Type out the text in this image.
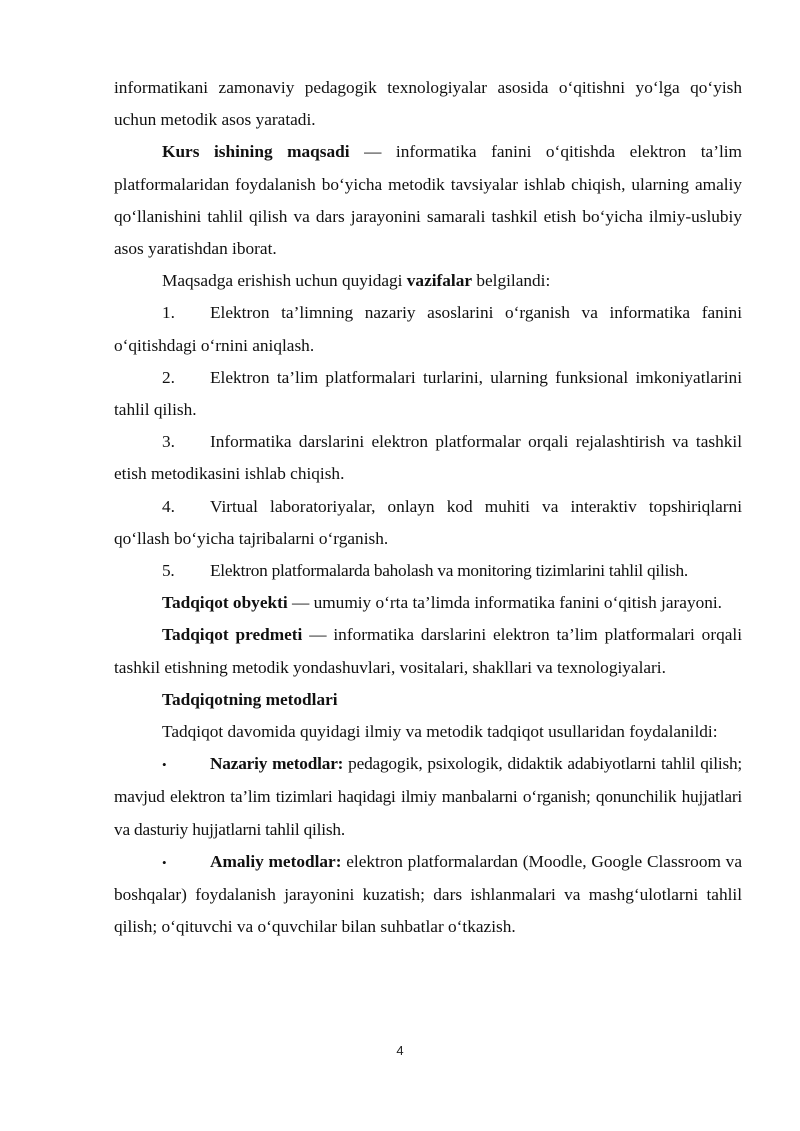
informatikani zamonaviy pedagogik texnologiyalar asosida o‘qitishni yo‘lga qo‘yish uchun metodik asos yaratadi.

Kurs ishining maqsadi — informatika fanini o‘qitishda elektron ta’lim platformalaridan foydalanish bo‘yicha metodik tavsiyalar ishlab chiqish, ularning amaliy qo‘llanishini tahlil qilish va dars jarayonini samarali tashkil etish bo‘yicha ilmiy-uslubiy asos yaratishdan iborat.

Maqsadga erishish uchun quyidagi vazifalar belgilandi:

1. Elektron ta’limning nazariy asoslarini o‘rganish va informatika fanini o‘qitishdagi o‘rnini aniqlash.

2. Elektron ta’lim platformalari turlarini, ularning funksional imkoniyatlarini tahlil qilish.

3. Informatika darslarini elektron platformalar orqali rejalashtirish va tashkil etish metodikasini ishlab chiqish.

4. Virtual laboratoriyalar, onlayn kod muhiti va interaktiv topshiriqlarni qo‘llash bo‘yicha tajribalarni o‘rganish.

5. Elektron platformalarda baholash va monitoring tizimlarini tahlil qilish.

Tadqiqot obyekti — umumiy o‘rta ta’limda informatika fanini o‘qitish jarayoni.

Tadqiqot predmeti — informatika darslarini elektron ta’lim platformalari orqali tashkil etishning metodik yondashuvlari, vositalari, shakllari va texnologiyalari.

Tadqiqotning metodlari

Tadqiqot davomida quyidagi ilmiy va metodik tadqiqot usullaridan foydalanildi:

•	Nazariy metodlar: pedagogik, psixologik, didaktik adabiyotlarni tahlil qilish; mavjud elektron ta’lim tizimlari haqidagi ilmiy manbalarni o‘rganish; qonunchilik hujjatlari va dasturiy hujjatlarni tahlil qilish.

•	Amaliy metodlar: elektron platformalardan (Moodle, Google Classroom va boshqalar) foydalanish jarayonini kuzatish; dars ishlanmalari va mashg‘ulotlarni tahlil qilish; o‘qituvchi va o‘quvchilar bilan suhbatlar o‘tkazish.

4
